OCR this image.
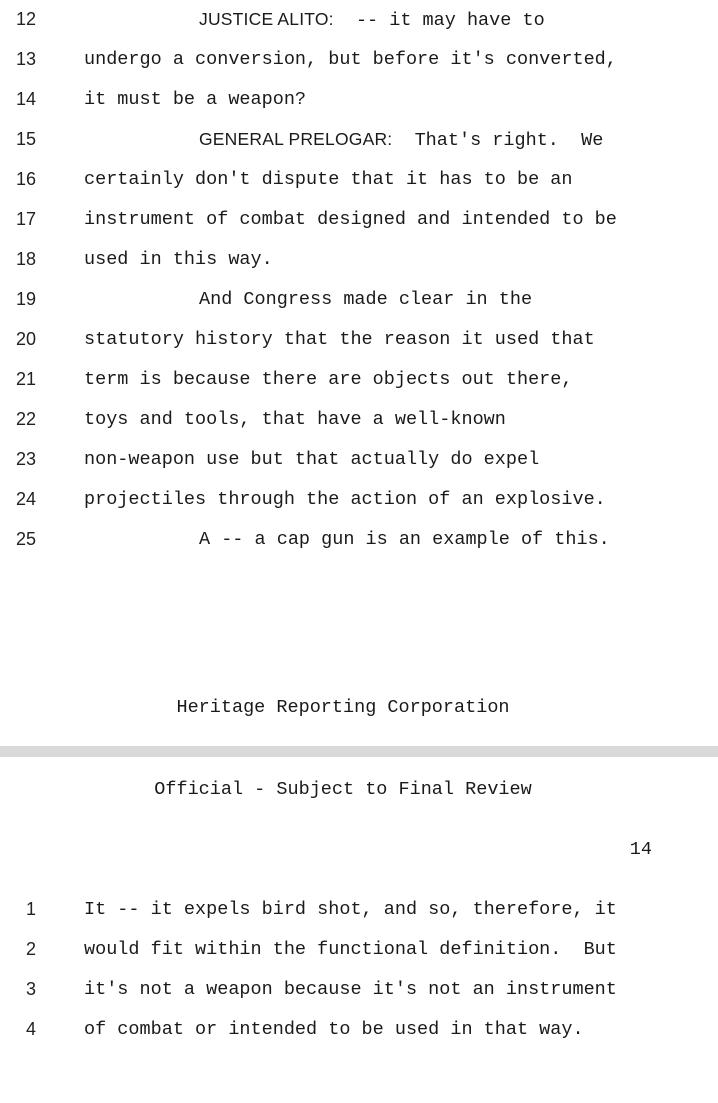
12

	JUSTICE ALITO:  -- it may have to

13

	undergo a conversion, but before it's converted,

14

	it must be a weapon?

15

	GENERAL PRELOGAR:  That's right.  We

16

	certainly don't dispute that it has to be an

17

	instrument of combat designed and intended to be

18

	used in this way.

19

	And Congress made clear in the

20

	statutory history that the reason it used that

21

	term is because there are objects out there,

22

	toys and tools, that have a well-known

23

	non-weapon use but that actually do expel

24

	projectiles through the action of an explosive.

25

	A -- a cap gun is an example of this.

Heritage Reporting Corporation
Official - Subject to Final Review
14

1

	It -- it expels bird shot, and so, therefore, it

2

	would fit within the functional definition.  But

3

	it's not a weapon because it's not an instrument

4

	of combat or intended to be used in that way.
